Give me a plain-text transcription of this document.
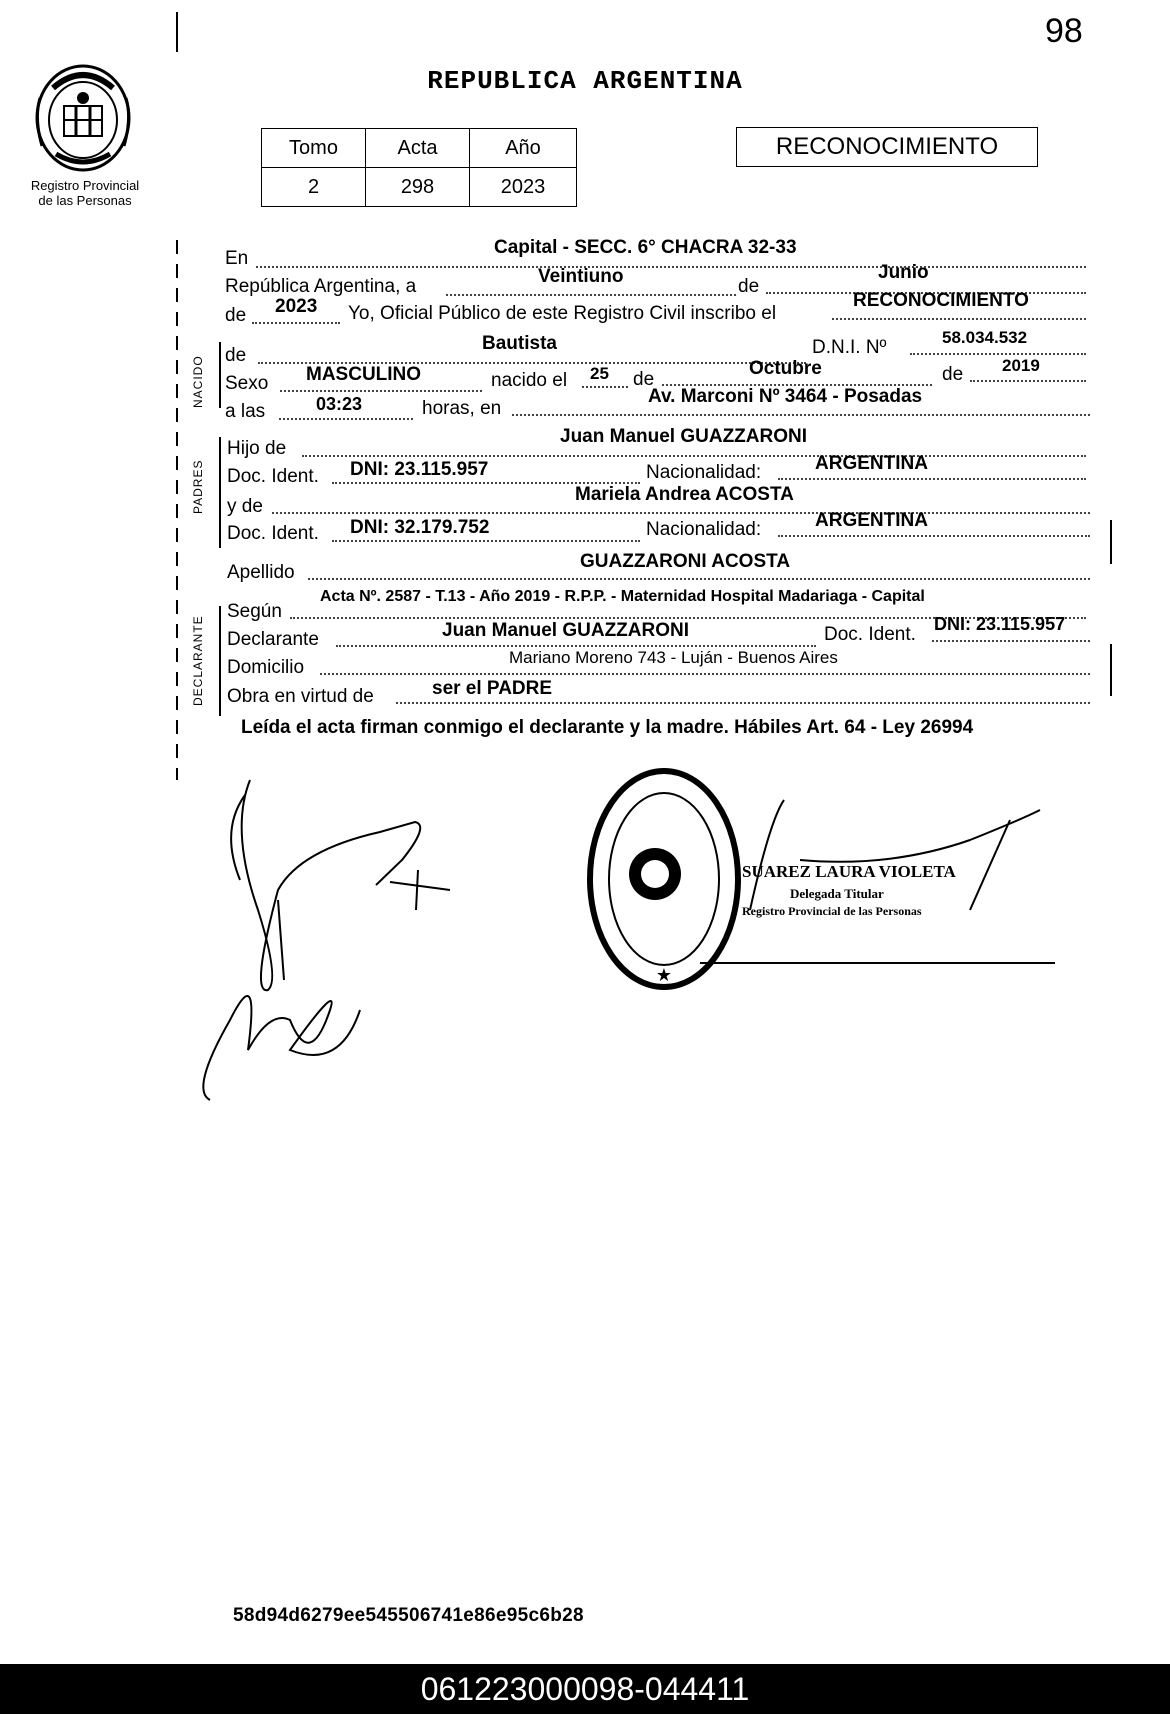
98
REPUBLICA ARGENTINA
Registro Provincial
de las Personas
Tomo	Acta	Año
2	298	2023
RECONOCIMIENTO
NACIDO
PADRES
DECLARANTE
En
Capital - SECC. 6° CHACRA 32-33
República Argentina, a	Veintiuno	de
Junio
de 2023 Yo, Oficial Público de este Registro Civil inscribo el
RECONOCIMIENTO
de
Bautista	D.N.I. Nº	58.034.532
Sexo MASCULINO	nacido el 25 de
Octubre	de 2019
a las	03:23	horas, en
Av. Marconi Nº 3464 - Posadas
Hijo de
Juan Manuel GUAZZARONI
Doc. Ident. DNI: 23.115.957	Nacionalidad:	ARGENTINA
y de
Mariela Andrea ACOSTA
Doc. Ident. DNI: 32.179.752	Nacionalidad:	ARGENTINA
Apellido
GUAZZARONI ACOSTA
Según
Acta Nº. 2587 - T.13 - Año 2019 - R.P.P. - Maternidad Hospital Madariaga - Capital
Declarante	Juan Manuel GUAZZARONI	Doc. Ident. DNI: 23.115.957
Domicilio	Mariano Moreno 743 - Luján - Buenos Aires
Obra en virtud de	ser el PADRE
Leída el acta firman conmigo el declarante y la madre. Hábiles Art. 64 - Ley 26994
★
SUAREZ LAURA VIOLETA
Delegada Titular
Registro Provincial de las Personas
58d94d6279ee545506741e86e95c6b28
061223000098-044411
